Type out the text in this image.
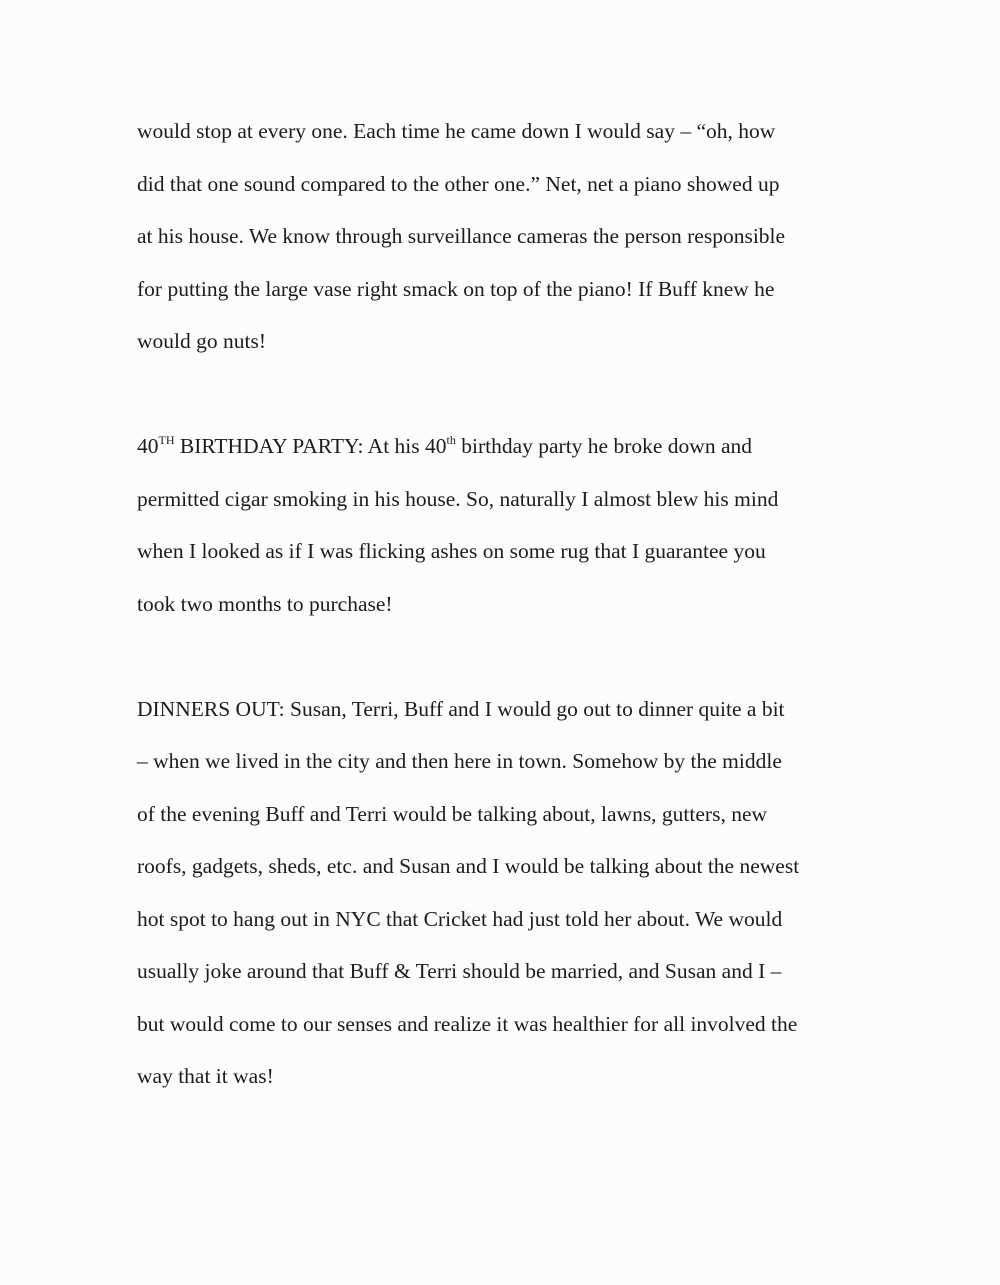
would stop at every one. Each time he came down I would say – “oh, how
did that one sound compared to the other one.” Net, net a piano showed up
at his house. We know through surveillance cameras the person responsible
for putting the large vase right smack on top of the piano! If Buff knew he
would go nuts!
40TH BIRTHDAY PARTY: At his 40th birthday party he broke down and
permitted cigar smoking in his house. So, naturally I almost blew his mind
when I looked as if I was flicking ashes on some rug that I guarantee you
took two months to purchase!
DINNERS OUT: Susan, Terri, Buff and I would go out to dinner quite a bit
– when we lived in the city and then here in town. Somehow by the middle
of the evening Buff and Terri would be talking about, lawns, gutters, new
roofs, gadgets, sheds, etc. and Susan and I would be talking about the newest
hot spot to hang out in NYC that Cricket had just told her about. We would
usually joke around that Buff & Terri should be married, and Susan and I –
but would come to our senses and realize it was healthier for all involved the
way that it was!
